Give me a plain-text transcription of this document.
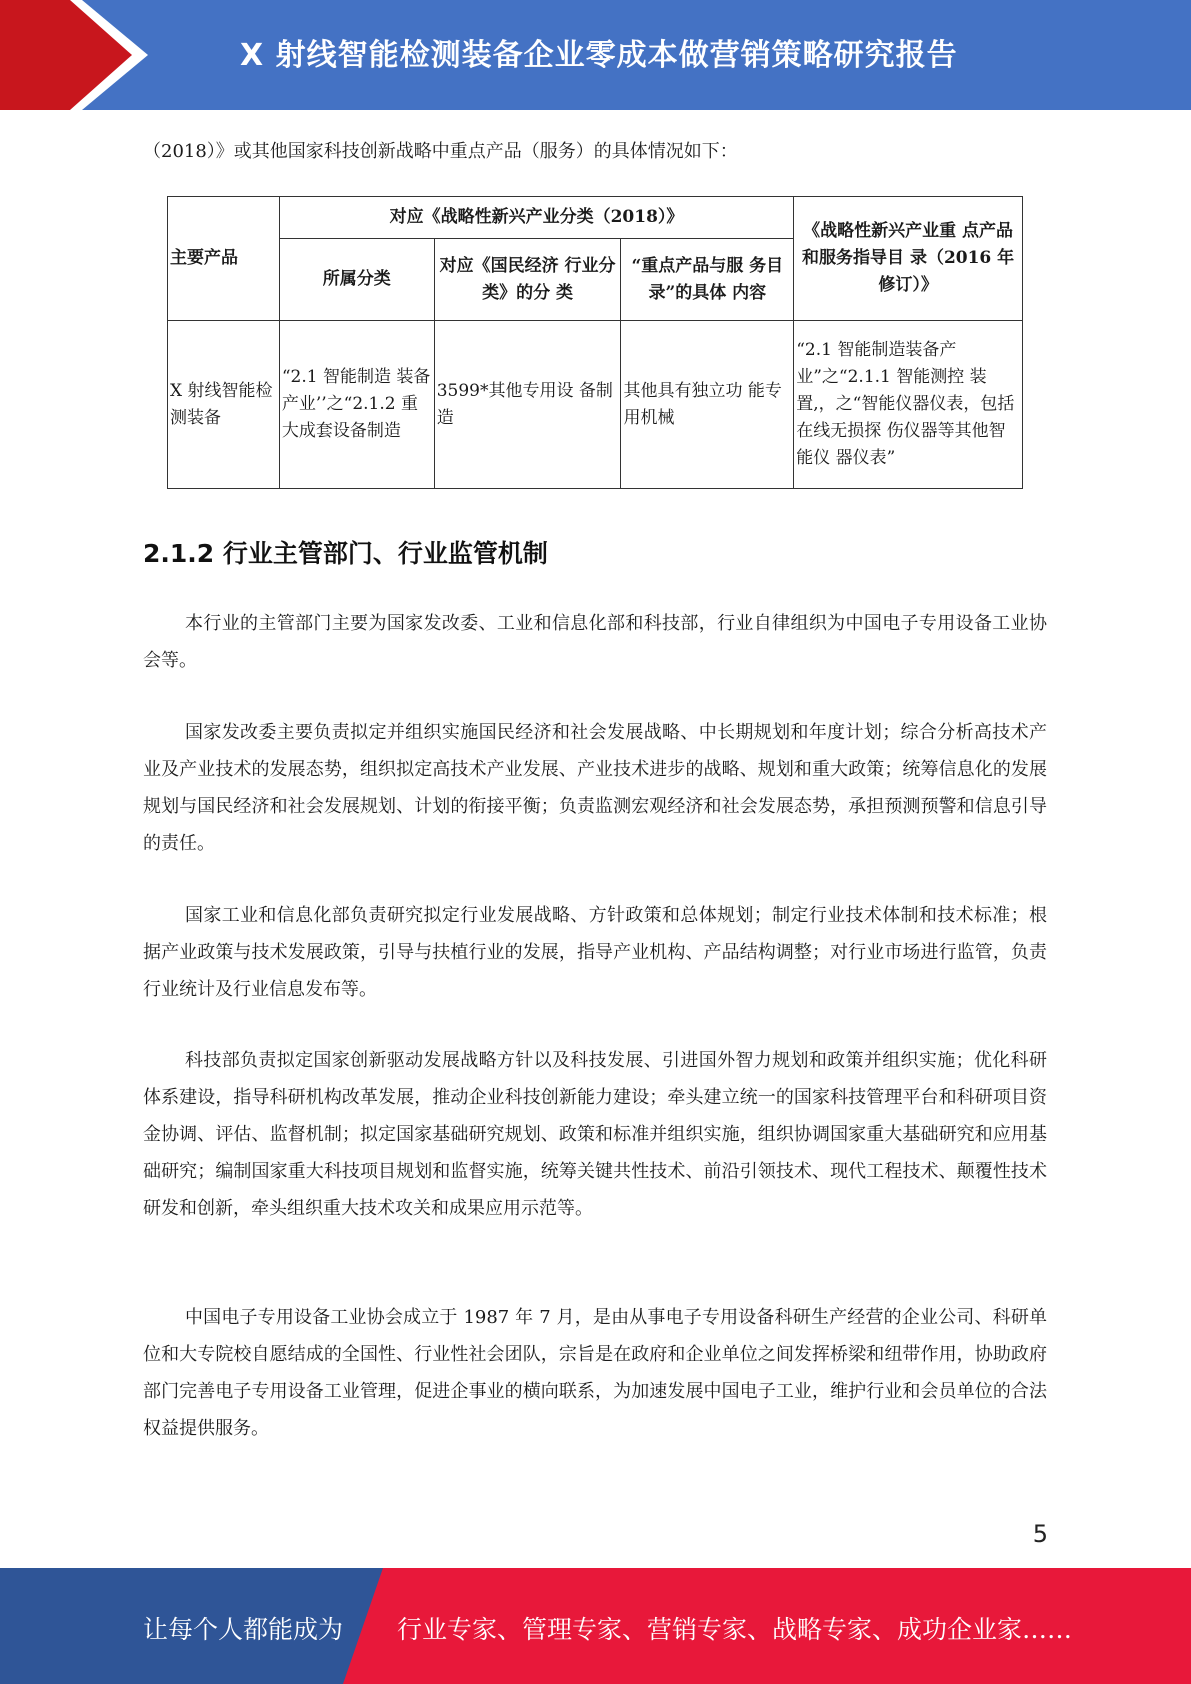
X 射线智能检测装备企业零成本做营销策略研究报告
（2018）》或其他国家科技创新战略中重点产品（服务）的具体情况如下：
主要产品	对应《战略性新兴产业分类（2018）》			《战略性新兴产业重 点产品和服务指导目 录（2016 年修订）》
	所属分类	对应《国民经济 行业分类》的分 类	“重点产品与服 务目录”的具体 内容	
X 射线智能检测装备	“2.1 智能制造 装备产业’’之“2.1.2 重大成套设备制造	3599*其他专用设 备制造	其他具有独立功 能专用机械	“2.1 智能制造装备产 业”之“2.1.1 智能测控 装置,，之“智能仪器仪表，包括在线无损探 伤仪器等其他智能仪 器仪表”
2.1.2 行业主管部门、行业监管机制

本行业的主管部门主要为国家发改委、工业和信息化部和科技部，行业自律组织为中国电子专用设备工业协会等。

国家发改委主要负责拟定并组织实施国民经济和社会发展战略、中长期规划和年度计划；综合分析高技术产业及产业技术的发展态势，组织拟定高技术产业发展、产业技术进步的战略、规划和重大政策；统筹信息化的发展规划与国民经济和社会发展规划、计划的衔接平衡；负责监测宏观经济和社会发展态势，承担预测预警和信息引导的责任。

国家工业和信息化部负责研究拟定行业发展战略、方针政策和总体规划；制定行业技术体制和技术标准；根据产业政策与技术发展政策，引导与扶植行业的发展，指导产业机构、产品结构调整；对行业市场进行监管，负责行业统计及行业信息发布等。

科技部负责拟定国家创新驱动发展战略方针以及科技发展、引进国外智力规划和政策并组织实施；优化科研体系建设，指导科研机构改革发展，推动企业科技创新能力建设；牵头建立统一的国家科技管理平台和科研项目资金协调、评估、监督机制；拟定国家基础研究规划、政策和标准并组织实施，组织协调国家重大基础研究和应用基础研究；编制国家重大科技项目规划和监督实施，统筹关键共性技术、前沿引领技术、现代工程技术、颠覆性技术研发和创新，牵头组织重大技术攻关和成果应用示范等。

中国电子专用设备工业协会成立于 1987 年 7 月，是由从事电子专用设备科研生产经营的企业公司、科研单位和大专院校自愿结成的全国性、行业性社会团队，宗旨是在政府和企业单位之间发挥桥梁和纽带作用，协助政府部门完善电子专用设备工业管理，促进企事业的横向联系，为加速发展中国电子工业，维护行业和会员单位的合法权益提供服务。

5
让每个人都能成为 行业专家、管理专家、营销专家、战略专家、成功企业家……
